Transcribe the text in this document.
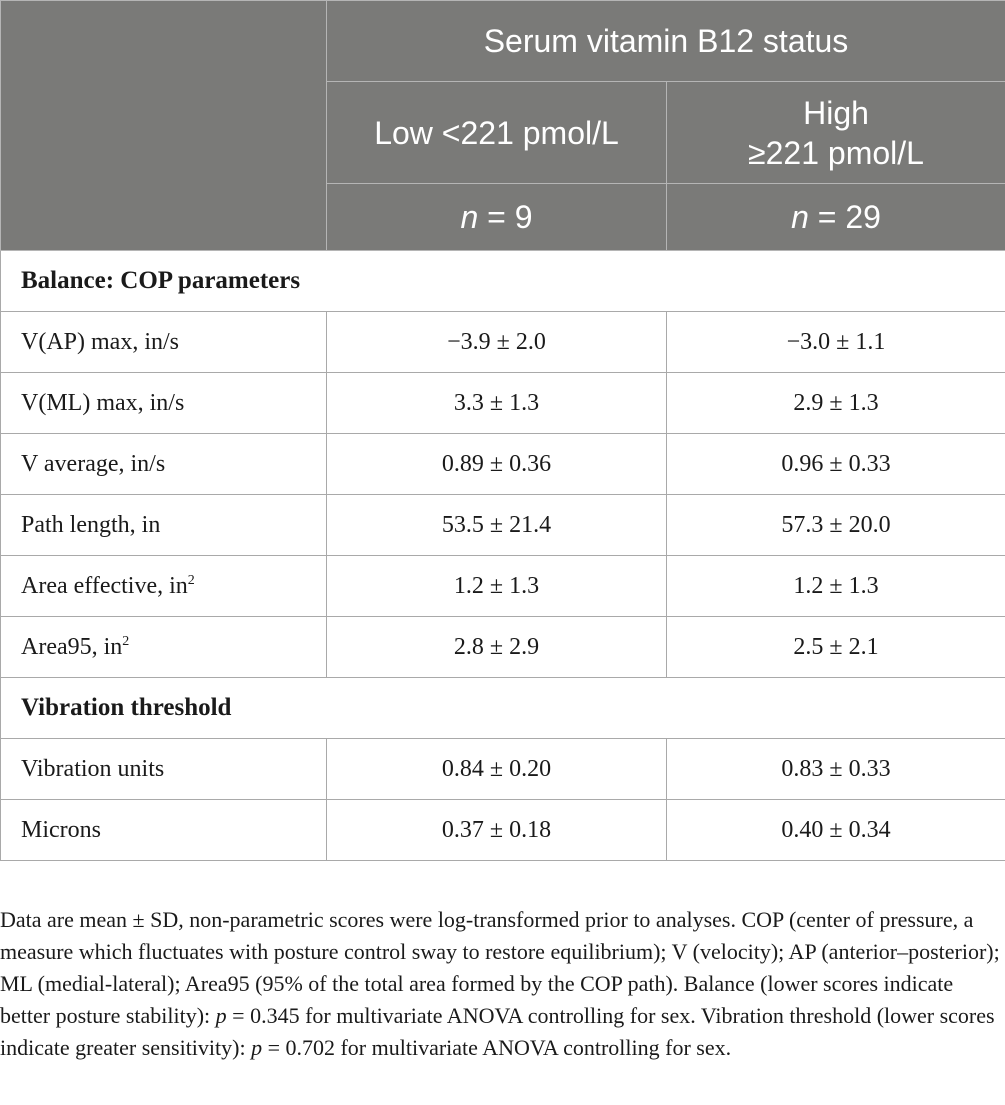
	Serum vitamin B12 status	
	Low <221 pmol/L	High
≥221 pmol/L
	n = 9	n = 29
Balance: COP parameters		
V(AP) max, in/s	−3.9 ± 2.0	−3.0 ± 1.1
V(ML) max, in/s	3.3 ± 1.3	2.9 ± 1.3
V average, in/s	0.89 ± 0.36	0.96 ± 0.33
Path length, in	53.5 ± 21.4	57.3 ± 20.0
Area effective, $in^2$	1.2 ± 1.3	1.2 ± 1.3
Area95, $in^2$	2.8 ± 2.9	2.5 ± 2.1
Vibration threshold		
Vibration units	0.84 ± 0.20	0.83 ± 0.33
Microns	0.37 ± 0.18	0.40 ± 0.34

Data are mean ± SD, non-parametric scores were log-transformed prior to analyses. COP (center of pressure, a measure which fluctuates with posture control sway to restore equilibrium); V (velocity); AP (anterior–posterior); ML (medial-lateral); Area95 (95% of the total area formed by the COP path). Balance (lower scores indicate better posture stability): p = 0.345 for multivariate ANOVA controlling for sex. Vibration threshold (lower scores indicate greater sensitivity): p = 0.702 for multivariate ANOVA controlling for sex.
